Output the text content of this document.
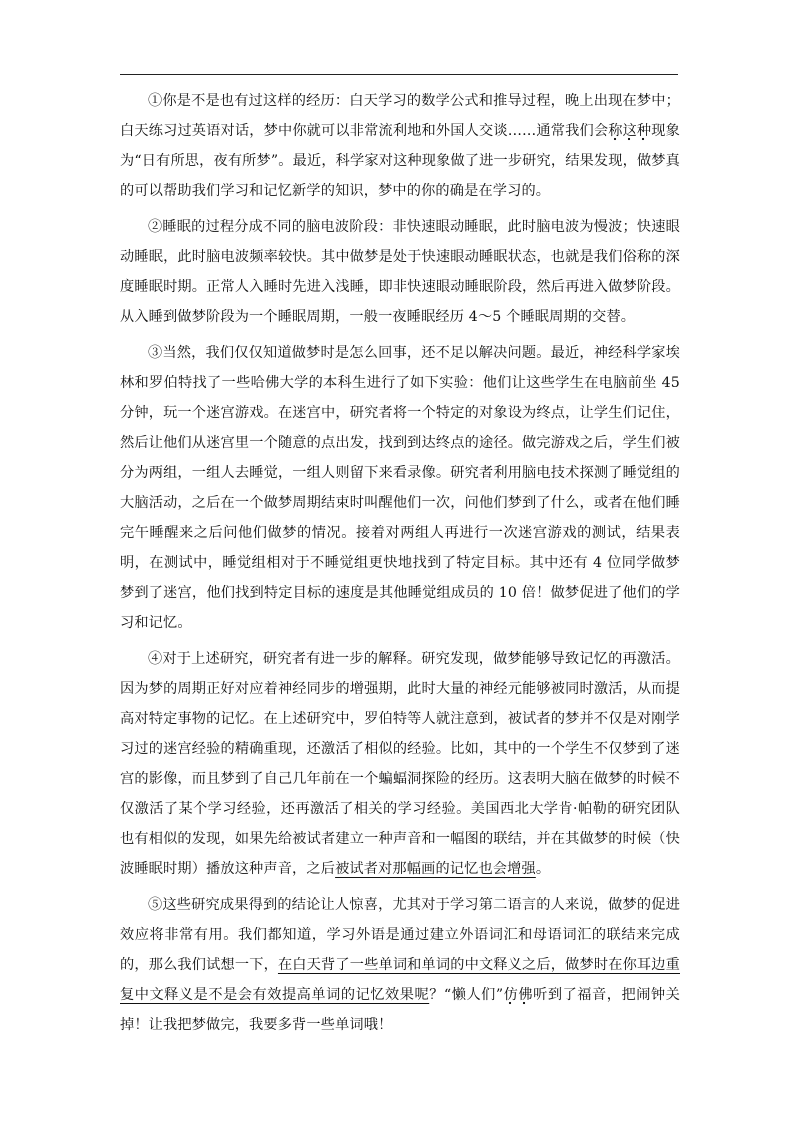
①你是不是也有过这样的经历：白天学习的数学公式和推导过程，晚上出现在梦中；白天练习过英语对话，梦中你就可以非常流利地和外国人交谈……通常我们会称这种现象为“日有所思，夜有所梦”。最近，科学家对这种现象做了进一步研究，结果发现，做梦真的可以帮助我们学习和记忆新学的知识，梦中的你的确是在学习的。

②睡眠的过程分成不同的脑电波阶段：非快速眼动睡眠，此时脑电波为慢波；快速眼动睡眠，此时脑电波频率较快。其中做梦是处于快速眼动睡眠状态，也就是我们俗称的深度睡眠时期。正常人入睡时先进入浅睡，即非快速眼动睡眠阶段，然后再进入做梦阶段。从入睡到做梦阶段为一个睡眠周期，一般一夜睡眠经历 4～5 个睡眠周期的交替。

③当然，我们仅仅知道做梦时是怎么回事，还不足以解决问题。最近，神经科学家埃林和罗伯特找了一些哈佛大学的本科生进行了如下实验：他们让这些学生在电脑前坐 45 分钟，玩一个迷宫游戏。在迷宫中，研究者将一个特定的对象设为终点，让学生们记住，然后让他们从迷宫里一个随意的点出发，找到到达终点的途径。做完游戏之后，学生们被分为两组，一组人去睡觉，一组人则留下来看录像。研究者利用脑电技术探测了睡觉组的大脑活动，之后在一个做梦周期结束时叫醒他们一次，问他们梦到了什么，或者在他们睡完午睡醒来之后问他们做梦的情况。接着对两组人再进行一次迷宫游戏的测试，结果表明，在测试中，睡觉组相对于不睡觉组更快地找到了特定目标。其中还有 4 位同学做梦梦到了迷宫，他们找到特定目标的速度是其他睡觉组成员的 10 倍！做梦促进了他们的学习和记忆。

④对于上述研究，研究者有进一步的解释。研究发现，做梦能够导致记忆的再激活。因为梦的周期正好对应着神经同步的增强期，此时大量的神经元能够被同时激活，从而提高对特定事物的记忆。在上述研究中，罗伯特等人就注意到，被试者的梦并不仅是对刚学习过的迷宫经验的精确重现，还激活了相似的经验。比如，其中的一个学生不仅梦到了迷宫的影像，而且梦到了自己几年前在一个蝙蝠洞探险的经历。这表明大脑在做梦的时候不仅激活了某个学习经验，还再激活了相关的学习经验。美国西北大学肯·帕勒的研究团队也有相似的发现，如果先给被试者建立一种声音和一幅图的联结，并在其做梦的时候（快波睡眠时期）播放这种声音，之后被试者对那幅画的记忆也会增强。

⑤这些研究成果得到的结论让人惊喜，尤其对于学习第二语言的人来说，做梦的促进效应将非常有用。我们都知道，学习外语是通过建立外语词汇和母语词汇的联结来完成的，那么我们试想一下，在白天背了一些单词和单词的中文释义之后，做梦时在你耳边重复中文释义是不是会有效提高单词的记忆效果呢？“懒人们”仿佛听到了福音，把闹钟关掉！让我把梦做完，我要多背一些单词哦！
